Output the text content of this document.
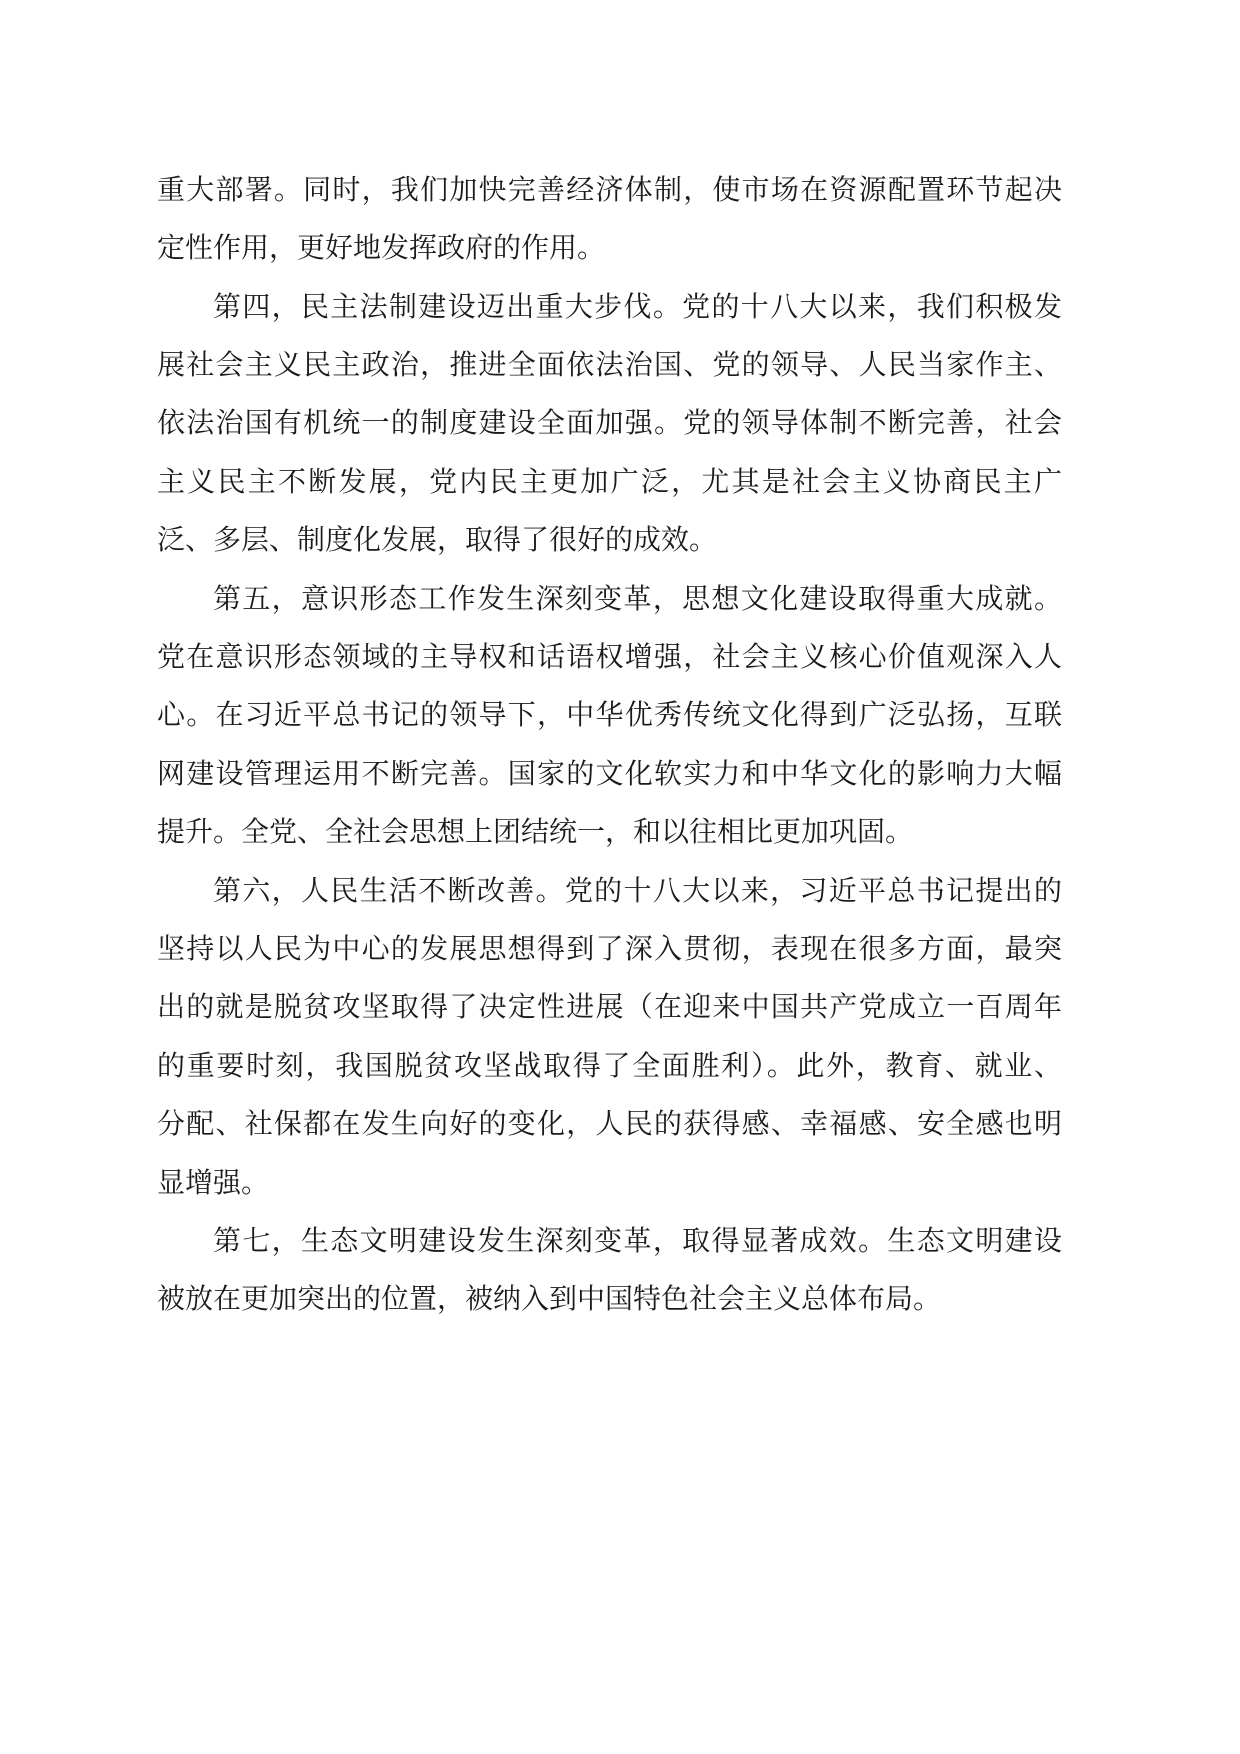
重大部署。同时，我们加快完善经济体制，使市场在资源配置环节起决
定性作用，更好地发挥政府的作用。
第四，民主法制建设迈出重大步伐。党的十八大以来，我们积极发
展社会主义民主政治，推进全面依法治国、党的领导、人民当家作主、
依法治国有机统一的制度建设全面加强。党的领导体制不断完善，社会
主义民主不断发展，党内民主更加广泛，尤其是社会主义协商民主广
泛、多层、制度化发展，取得了很好的成效。
第五，意识形态工作发生深刻变革，思想文化建设取得重大成就。
党在意识形态领域的主导权和话语权增强，社会主义核心价值观深入人
心。在习近平总书记的领导下，中华优秀传统文化得到广泛弘扬，互联
网建设管理运用不断完善。国家的文化软实力和中华文化的影响力大幅
提升。全党、全社会思想上团结统一，和以往相比更加巩固。
第六，人民生活不断改善。党的十八大以来，习近平总书记提出的
坚持以人民为中心的发展思想得到了深入贯彻，表现在很多方面，最突
出的就是脱贫攻坚取得了决定性进展（在迎来中国共产党成立一百周年
的重要时刻，我国脱贫攻坚战取得了全面胜利）。此外，教育、就业、
分配、社保都在发生向好的变化，人民的获得感、幸福感、安全感也明
显增强。
第七，生态文明建设发生深刻变革，取得显著成效。生态文明建设
被放在更加突出的位置，被纳入到中国特色社会主义总体布局。
